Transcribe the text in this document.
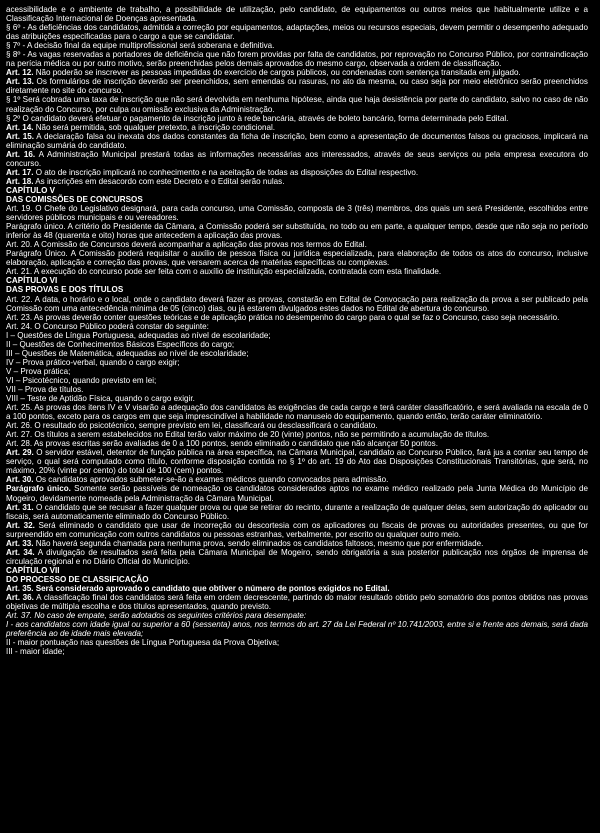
acessibilidade e o ambiente de trabalho, a possibilidade de utilização, pelo candidato, de equipamentos ou outros meios que habitualmente utilize e a Classificação Internacional de Doenças apresentada.

§ 6º - As deficiências dos candidatos, admitida a correção por equipamentos, adaptações, meios ou recursos especiais, devem permitir o desempenho adequado das atribuições especificadas para o cargo a que se candidatar.

§ 7º - A decisão final da equipe multiprofissional será soberana e definitiva.

§ 8º - As vagas reservadas a portadores de deficiência que não forem providas por falta de candidatos, por reprovação no Concurso Público, por contraindicação na perícia médica ou por outro motivo, serão preenchidas pelos demais aprovados do mesmo cargo, observada a ordem de classificação.

Art. 12. Não poderão se inscrever as pessoas impedidas do exercício de cargos públicos, ou condenadas com sentença transitada em julgado.

Art. 13. Os formulários de inscrição deverão ser preenchidos, sem emendas ou rasuras, no ato da mesma, ou caso seja por meio eletrônico serão preenchidos diretamente no site do concurso.

§ 1º Será cobrada uma taxa de inscrição que não será devolvida em nenhuma hipótese, ainda que haja desistência por parte do candidato, salvo no caso de não realização do Concurso, por culpa ou omissão exclusiva da Administração.

§ 2º O candidato deverá efetuar o pagamento da inscrição junto à rede bancária, através de boleto bancário, forma determinada pelo Edital.

Art. 14. Não será permitida, sob qualquer pretexto, a inscrição condicional.

Art. 15. A declaração falsa ou inexata dos dados constantes da ficha de inscrição, bem como a apresentação de documentos falsos ou graciosos, implicará na eliminação sumária do candidato.

Art. 16. A Administração Municipal prestará todas as informações necessárias aos interessados, através de seus serviços ou pela empresa executora do concurso.

Art. 17. O ato de inscrição implicará no conhecimento e na aceitação de todas as disposições do Edital respectivo.

Art. 18. As inscrições em desacordo com este Decreto e o Edital serão nulas.

CAPÍTULO V

DAS COMISSÕES DE CONCURSOS

Art. 19. O Chefe do Legislativo designará, para cada concurso, uma Comissão, composta de 3 (três) membros, dos quais um será Presidente, escolhidos entre servidores públicos municipais e ou vereadores.

Parágrafo único. A critério do Presidente da Câmara, a Comissão poderá ser substituída, no todo ou em parte, a qualquer tempo, desde que não seja no período inferior às 48 (quarenta e oito) horas que antecedem a aplicação das provas.

Art. 20. A Comissão de Concursos deverá acompanhar a aplicação das provas nos termos do Edital.

Parágrafo Único. A Comissão poderá requisitar o auxílio de pessoa física ou jurídica especializada, para elaboração de todos os atos do concurso, inclusive elaboração, aplicação e correção das provas, que versarem acerca de matérias específicas ou complexas.

Art. 21. A execução do concurso pode ser feita com o auxílio de instituição especializada, contratada com esta finalidade.

CAPÍTULO VI

DAS PROVAS E DOS TÍTULOS

Art. 22. A data, o horário e o local, onde o candidato deverá fazer as provas, constarão em Edital de Convocação para realização da prova a ser publicado pela Comissão com uma antecedência mínima de 05 (cinco) dias, ou já estarem divulgados estes dados no Edital de abertura do concurso.

Art. 23. As provas deverão conter questões teóricas e de aplicação prática no desempenho do cargo para o qual se faz o Concurso, caso seja necessário.

Art. 24. O Concurso Público poderá constar do seguinte:

I – Questões de Língua Portuguesa, adequadas ao nível de escolaridade;

II – Questões de Conhecimentos Básicos Específicos do cargo;

III – Questões de Matemática, adequadas ao nível de escolaridade;

IV – Prova prático-verbal, quando o cargo exigir;

V – Prova prática;

VI – Psicotécnico, quando previsto em lei;

VII – Prova de títulos.

VIII – Teste de Aptidão Física, quando o cargo exigir.

Art. 25. As provas dos itens IV e V visarão a adequação dos candidatos às exigências de cada cargo e terá caráter classificatório, e será avaliada na escala de 0 a 100 pontos, exceto para os cargos em que seja imprescindível a habilidade no manuseio do equipamento, quando então, terão caráter eliminatório.

Art. 26. O resultado do psicotécnico, sempre previsto em lei, classificará ou desclassificará o candidato.

Art. 27. Os títulos a serem estabelecidos no Edital terão valor máximo de 20 (vinte) pontos, não se permitindo a acumulação de títulos.

Art. 28. As provas escritas serão avaliadas de 0 a 100 pontos, sendo eliminado o candidato que não alcançar 50 pontos.

Art. 29. O servidor estável, detentor de função pública na área específica, na Câmara Municipal, candidato ao Concurso Público, fará jus a contar seu tempo de serviço, o qual será computado como título, conforme disposição contida no § 1º do art. 19 do Ato das Disposições Constitucionais Transitórias, que será, no máximo, 20% (vinte por cento) do total de 100 (cem) pontos.

Art. 30. Os candidatos aprovados submeter-se-ão a exames médicos quando convocados para admissão.

Parágrafo único. Somente serão passíveis de nomeação os candidatos considerados aptos no exame médico realizado pela Junta Médica do Município de Mogeiro, devidamente nomeada pela Administração da Câmara Municipal.

Art. 31. O candidato que se recusar a fazer qualquer prova ou que se retirar do recinto, durante a realização de qualquer delas, sem autorização do aplicador ou fiscais, será automaticamente eliminado do Concurso Público.

Art. 32. Será eliminado o candidato que usar de incorreção ou descortesia com os aplicadores ou fiscais de provas ou autoridades presentes, ou que for surpreendido em comunicação com outros candidatos ou pessoas estranhas, verbalmente, por escrito ou qualquer outro meio.

Art. 33. Não haverá segunda chamada para nenhuma prova, sendo eliminados os candidatos faltosos, mesmo que por enfermidade.

Art. 34. A divulgação de resultados será feita pela Câmara Municipal de Mogeiro, sendo obrigatória a sua posterior publicação nos órgãos de imprensa de circulação regional e no Diário Oficial do Município.

CAPÍTULO VII

DO PROCESSO DE CLASSIFICAÇÃO

Art. 35. Será considerado aprovado o candidato que obtiver o número de pontos exigidos no Edital.

Art. 36. A classificação final dos candidatos será feita em ordem decrescente, partindo do maior resultado obtido pelo somatório dos pontos obtidos nas provas objetivas de múltipla escolha e dos títulos apresentados, quando previsto.

Art. 37. No caso de empate, serão adotados os seguintes critérios para desempate:

I - aos candidatos com idade igual ou superior a 60 (sessenta) anos, nos termos do art. 27 da Lei Federal nº 10.741/2003, entre si e frente aos demais, será dada preferência ao de idade mais elevada;

II - maior pontuação nas questões de Língua Portuguesa da Prova Objetiva;

III - maior idade;
